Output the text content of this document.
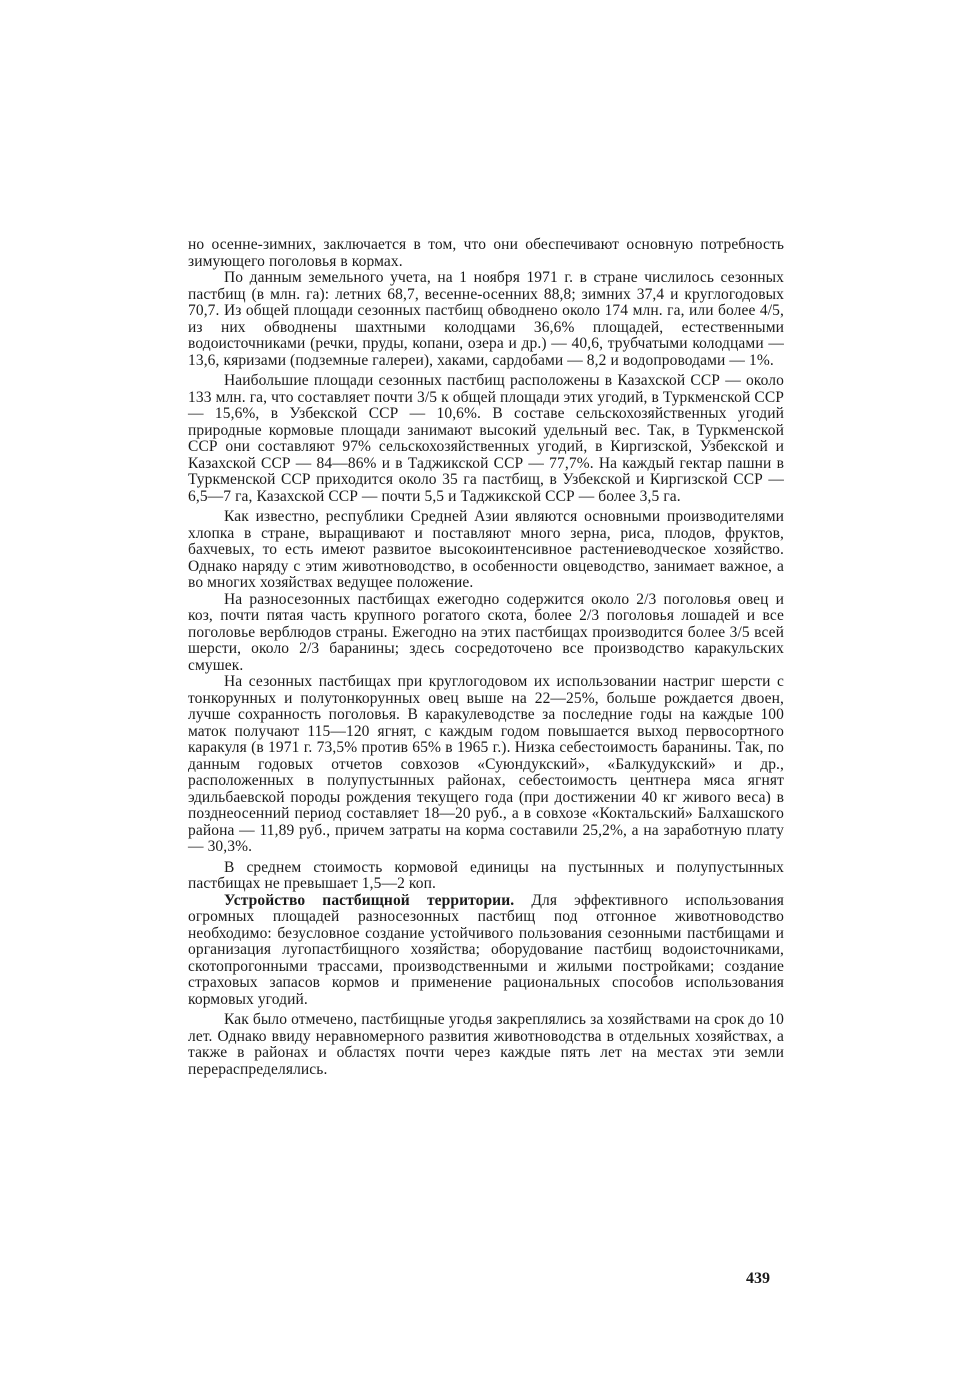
но осенне-зимних, заключается в том, что они обеспечивают основную потребность зимующего поголовья в кормах.

По данным земельного учета, на 1 ноября 1971 г. в стране числилось сезонных пастбищ (в млн. га): летних 68,7, весенне-осенних 88,8; зимних 37,4 и круглогодовых 70,7. Из общей площади сезонных пастбищ обводнено около 174 млн. га, или более 4/5, из них обводнены шахтными колодцами 36,6% площадей, естественными водоисточниками (речки, пруды, копани, озера и др.) — 40,6, трубчатыми колодцами — 13,6, кяризами (подземные галереи), хаками, сардобами — 8,2 и водопроводами — 1%.

Наибольшие площади сезонных пастбищ расположены в Казахской ССР — около 133 млн. га, что составляет почти 3/5 к общей площади этих угодий, в Туркменской ССР — 15,6%, в Узбекской ССР — 10,6%. В составе сельскохозяйственных угодий природные кормовые площади занимают высокий удельный вес. Так, в Туркменской ССР они составляют 97% сельскохозяйственных угодий, в Киргизской, Узбекской и Казахской ССР — 84—86% и в Таджикской ССР — 77,7%. На каждый гектар пашни в Туркменской ССР приходится около 35 га пастбищ, в Узбекской и Киргизской ССР — 6,5—7 га, Казахской ССР — почти 5,5 и Таджикской ССР — более 3,5 га.

Как известно, республики Средней Азии являются основными производителями хлопка в стране, выращивают и поставляют много зерна, риса, плодов, фруктов, бахчевых, то есть имеют развитое высокоинтенсивное растениеводческое хозяйство. Однако наряду с этим животноводство, в особенности овцеводство, занимает важное, а во многих хозяйствах ведущее положение.

На разносезонных пастбищах ежегодно содержится около 2/3 поголовья овец и коз, почти пятая часть крупного рогатого скота, более 2/3 поголовья лошадей и все поголовье верблюдов страны. Ежегодно на этих пастбищах производится более 3/5 всей шерсти, около 2/3 баранины; здесь сосредоточено все производство каракульских смушек.

На сезонных пастбищах при круглогодовом их использовании настриг шерсти с тонкорунных и полутонкорунных овец выше на 22—25%, больше рождается двоен, лучше сохранность поголовья. В каракулеводстве за последние годы на каждые 100 маток получают 115—120 ягнят, с каждым годом повышается выход первосортного каракуля (в 1971 г. 73,5% против 65% в 1965 г.). Низка себестоимость баранины. Так, по данным годовых отчетов совхозов «Суюндукский», «Балкудукский» и др., расположенных в полупустынных районах, себестоимость центнера мяса ягнят эдильбаевской породы рождения текущего года (при достижении 40 кг живого веса) в позднеосенний период составляет 18—20 руб., а в совхозе «Коктальский» Балхашского района — 11,89 руб., причем затраты на корма составили 25,2%, а на заработную плату — 30,3%.

В среднем стоимость кормовой единицы на пустынных и полупустынных пастбищах не превышает 1,5—2 коп.

Устройство пастбищной территории. Для эффективного использования огромных площадей разносезонных пастбищ под отгонное животноводство необходимо: безусловное создание устойчивого пользования сезонными пастбищами и организация лугопастбищного хозяйства; оборудование пастбищ водоисточниками, скотопрогонными трассами, производственными и жилыми постройками; создание страховых запасов кормов и применение рациональных способов использования кормовых угодий.

Как было отмечено, пастбищные угодья закреплялись за хозяйствами на срок до 10 лет. Однако ввиду неравномерного развития животноводства в отдельных хозяйствах, а также в районах и областях почти через каждые пять лет на местах эти земли перераспределялись.

439
